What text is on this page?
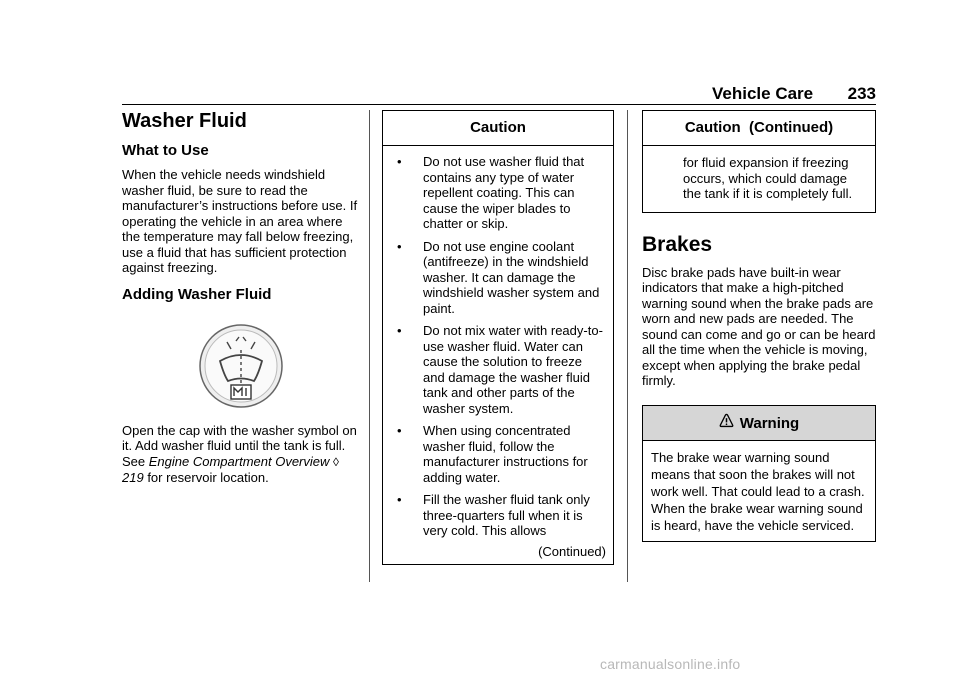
Vehicle Care 233
Washer Fluid
What to Use

When the vehicle needs windshield washer fluid, be sure to read the manufacturer’s instructions before use. If operating the vehicle in an area where the temperature may fall below freezing, use a fluid that has sufficient protection against freezing.

Adding Washer Fluid

Open the cap with the washer symbol on it. Add washer fluid until the tank is full. See Engine Compartment Overview ◊ 219 for reservoir location.

Caution
•	Do not use washer fluid that contains any type of water repellent coating. This can cause the wiper blades to chatter or skip.
•	Do not use engine coolant (antifreeze) in the windshield washer. It can damage the windshield washer system and paint.
•	Do not mix water with ready-to-use washer fluid. Water can cause the solution to freeze and damage the washer fluid tank and other parts of the washer system.
•	When using concentrated washer fluid, follow the manufacturer instructions for adding water.
•	Fill the washer fluid tank only three-quarters full when it is very cold. This allows
(Continued)
Caution  (Continued)
for fluid expansion if freezing occurs, which could damage the tank if it is completely full.
Brakes

Disc brake pads have built-in wear indicators that make a high-pitched warning sound when the brake pads are worn and new pads are needed. The sound can come and go or can be heard all the time when the vehicle is moving, except when applying the brake pedal firmly.

Warning
The brake wear warning sound means that soon the brakes will not work well. That could lead to a crash. When the brake wear warning sound is heard, have the vehicle serviced.
carmanualsonline.info
